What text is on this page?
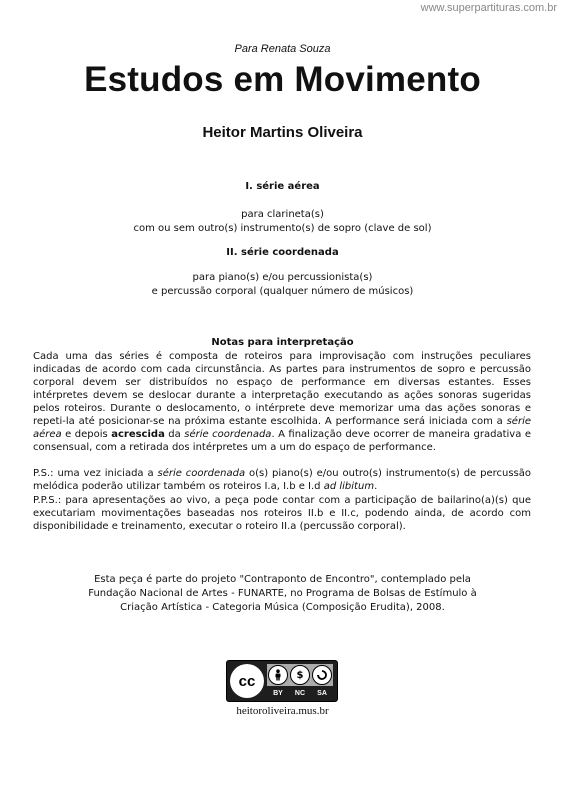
www.superpartituras.com.br
Para Renata Souza
Estudos em Movimento
Heitor Martins Oliveira
I. série aérea
para clarineta(s)
com ou sem outro(s) instrumento(s) de sopro (clave de sol)
II. série coordenada
para piano(s) e/ou percussionista(s)
e percussão corporal (qualquer número de músicos)
Notas para interpretação
Cada uma das séries é composta de roteiros para improvisação com instruções peculiares indicadas de acordo com cada circunstância. As partes para instrumentos de sopro e percussão corporal devem ser distribuídos no espaço de performance em diversas estantes. Esses intérpretes devem se deslocar durante a interpretação executando as ações sonoras sugeridas pelos roteiros. Durante o deslocamento, o intérprete deve memorizar uma das ações sonoras e repeti-la até posicionar-se na próxima estante escolhida. A performance será iniciada com a série aérea e depois acrescida da série coordenada. A finalização deve ocorrer de maneira gradativa e consensual, com a retirada dos intérpretes um a um do espaço de performance.
P.S.: uma vez iniciada a série coordenada o(s) piano(s) e/ou outro(s) instrumento(s) de percussão melódica poderão utilizar também os roteiros I.a, I.b e I.d ad libitum.
P.P.S.: para apresentações ao vivo, a peça pode contar com a participação de bailarino(a)(s) que executariam movimentações baseadas nos roteiros II.b e II.c, podendo ainda, de acordo com disponibilidade e treinamento, executar o roteiro II.a (percussão corporal).
Esta peça é parte do projeto "Contraponto de Encontro", contemplado pela
Fundação Nacional de Artes - FUNARTE, no Programa de Bolsas de Estímulo à
Criação Artística - Categoria Música (Composição Erudita), 2008.
cc	$
BY NC SA
heitoroliveira.mus.br
